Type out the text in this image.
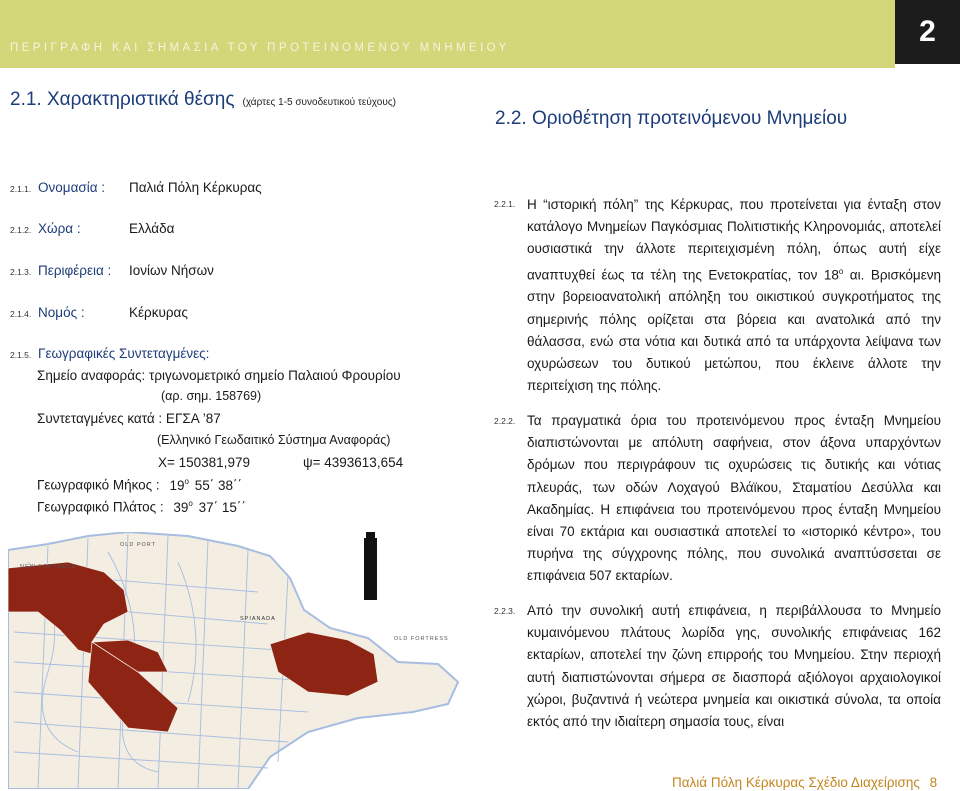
ΠΕΡΙΓΡΑΦΗ ΚΑΙ ΣΗΜΑΣΙΑ ΤΟΥ ΠΡΟΤΕΙΝΟΜΕΝΟΥ ΜΝΗΜΕΙΟΥ	2
2.1. Χαρακτηριστικά θέσης (χάρτες 1-5 συνοδευτικού τεύχους)
2.2. Οριοθέτηση προτεινόμενου Μνημείου
2.1.1. Ονομασία : Παλιά Πόλη Κέρκυρας
2.1.2. Χώρα :	Ελλάδα
2.1.3. Περιφέρεια : Ιονίων Νήσων
2.1.4. Νομός :	Κέρκυρας
2.1.5. Γεωγραφικές Συντεταγμένες:
Σημείο αναφοράς: τριγωνομετρικό σημείο Παλαιού Φρουρίου
(αρ. σημ. 158769)
Συντεταγμένες κατά : ΕΓΣΑ ’87
(Ελληνικό Γεωδαιτικό Σύστημα Αναφοράς)
Χ= 150381,979	ψ= 4393613,654
Γεωγραφικό Μήκος : $19^o$ 55΄ 38΄΄
Γεωγραφικό Πλάτος : $39^o$ 37΄ 15΄΄
OLD PORT
NEW FORTRESS
SPIANADA
OLD FORTRESS
2.2.1. Η “ιστορική πόλη” της Κέρκυρας, που προτείνεται για ένταξη στον κατάλογο Μνημείων Παγκόσμιας Πολιτιστικής Κληρονομιάς, αποτελεί ουσιαστικά την άλλοτε περιτειχισμένη πόλη, όπως αυτή είχε αναπτυχθεί έως τα τέλη της Ενετοκρατίας, τον $18^o$ αι. Βρισκόμενη στην βορειοανατολική απόληξη του οικιστικού συγκροτήματος της σημερινής πόλης ορίζεται στα βόρεια και ανατολικά από την θάλασσα, ενώ στα νότια και δυτικά από τα υπάρχοντα λείψανα των οχυρώσεων του δυτικού μετώπου, που έκλεινε άλλοτε την περιτείχιση της πόλης.
2.2.2. Τα πραγματικά όρια του προτεινόμενου προς ένταξη Μνημείου διαπιστώνονται με απόλυτη σαφήνεια, στον άξονα υπαρχόντων δρόμων που περιγράφουν τις οχυρώσεις τις δυτικής και νότιας πλευράς, των οδών Λοχαγού Βλάϊκου, Σταματίου Δεσύλλα και Ακαδημίας. Η επιφάνεια του προτεινόμενου προς ένταξη Μνημείου είναι 70 εκτάρια και ουσιαστικά αποτελεί το «ιστορικό κέντρο», του πυρήνα της σύγχρονης πόλης, που συνολικά αναπτύσσεται σε επιφάνεια 507 εκταρίων.
2.2.3. Από την συνολική αυτή επιφάνεια, η περιβάλλουσα το Μνημείο κυμαινόμενου πλάτους λωρίδα γης, συνολικής επιφάνειας 162 εκταρίων, αποτελεί την ζώνη επιρροής του Μνημείου. Στην περιοχή αυτή διαπιστώνονται σήμερα σε διασπορά αξιόλογοι αρχαιολογικοί χώροι, βυζαντινά ή νεώτερα μνημεία και οικιστικά σύνολα, τα οποία εκτός από την ιδιαίτερη σημασία τους, είναι
Παλιά Πόλη Κέρκυρας Σχέδιο Διαχείρισης 8
